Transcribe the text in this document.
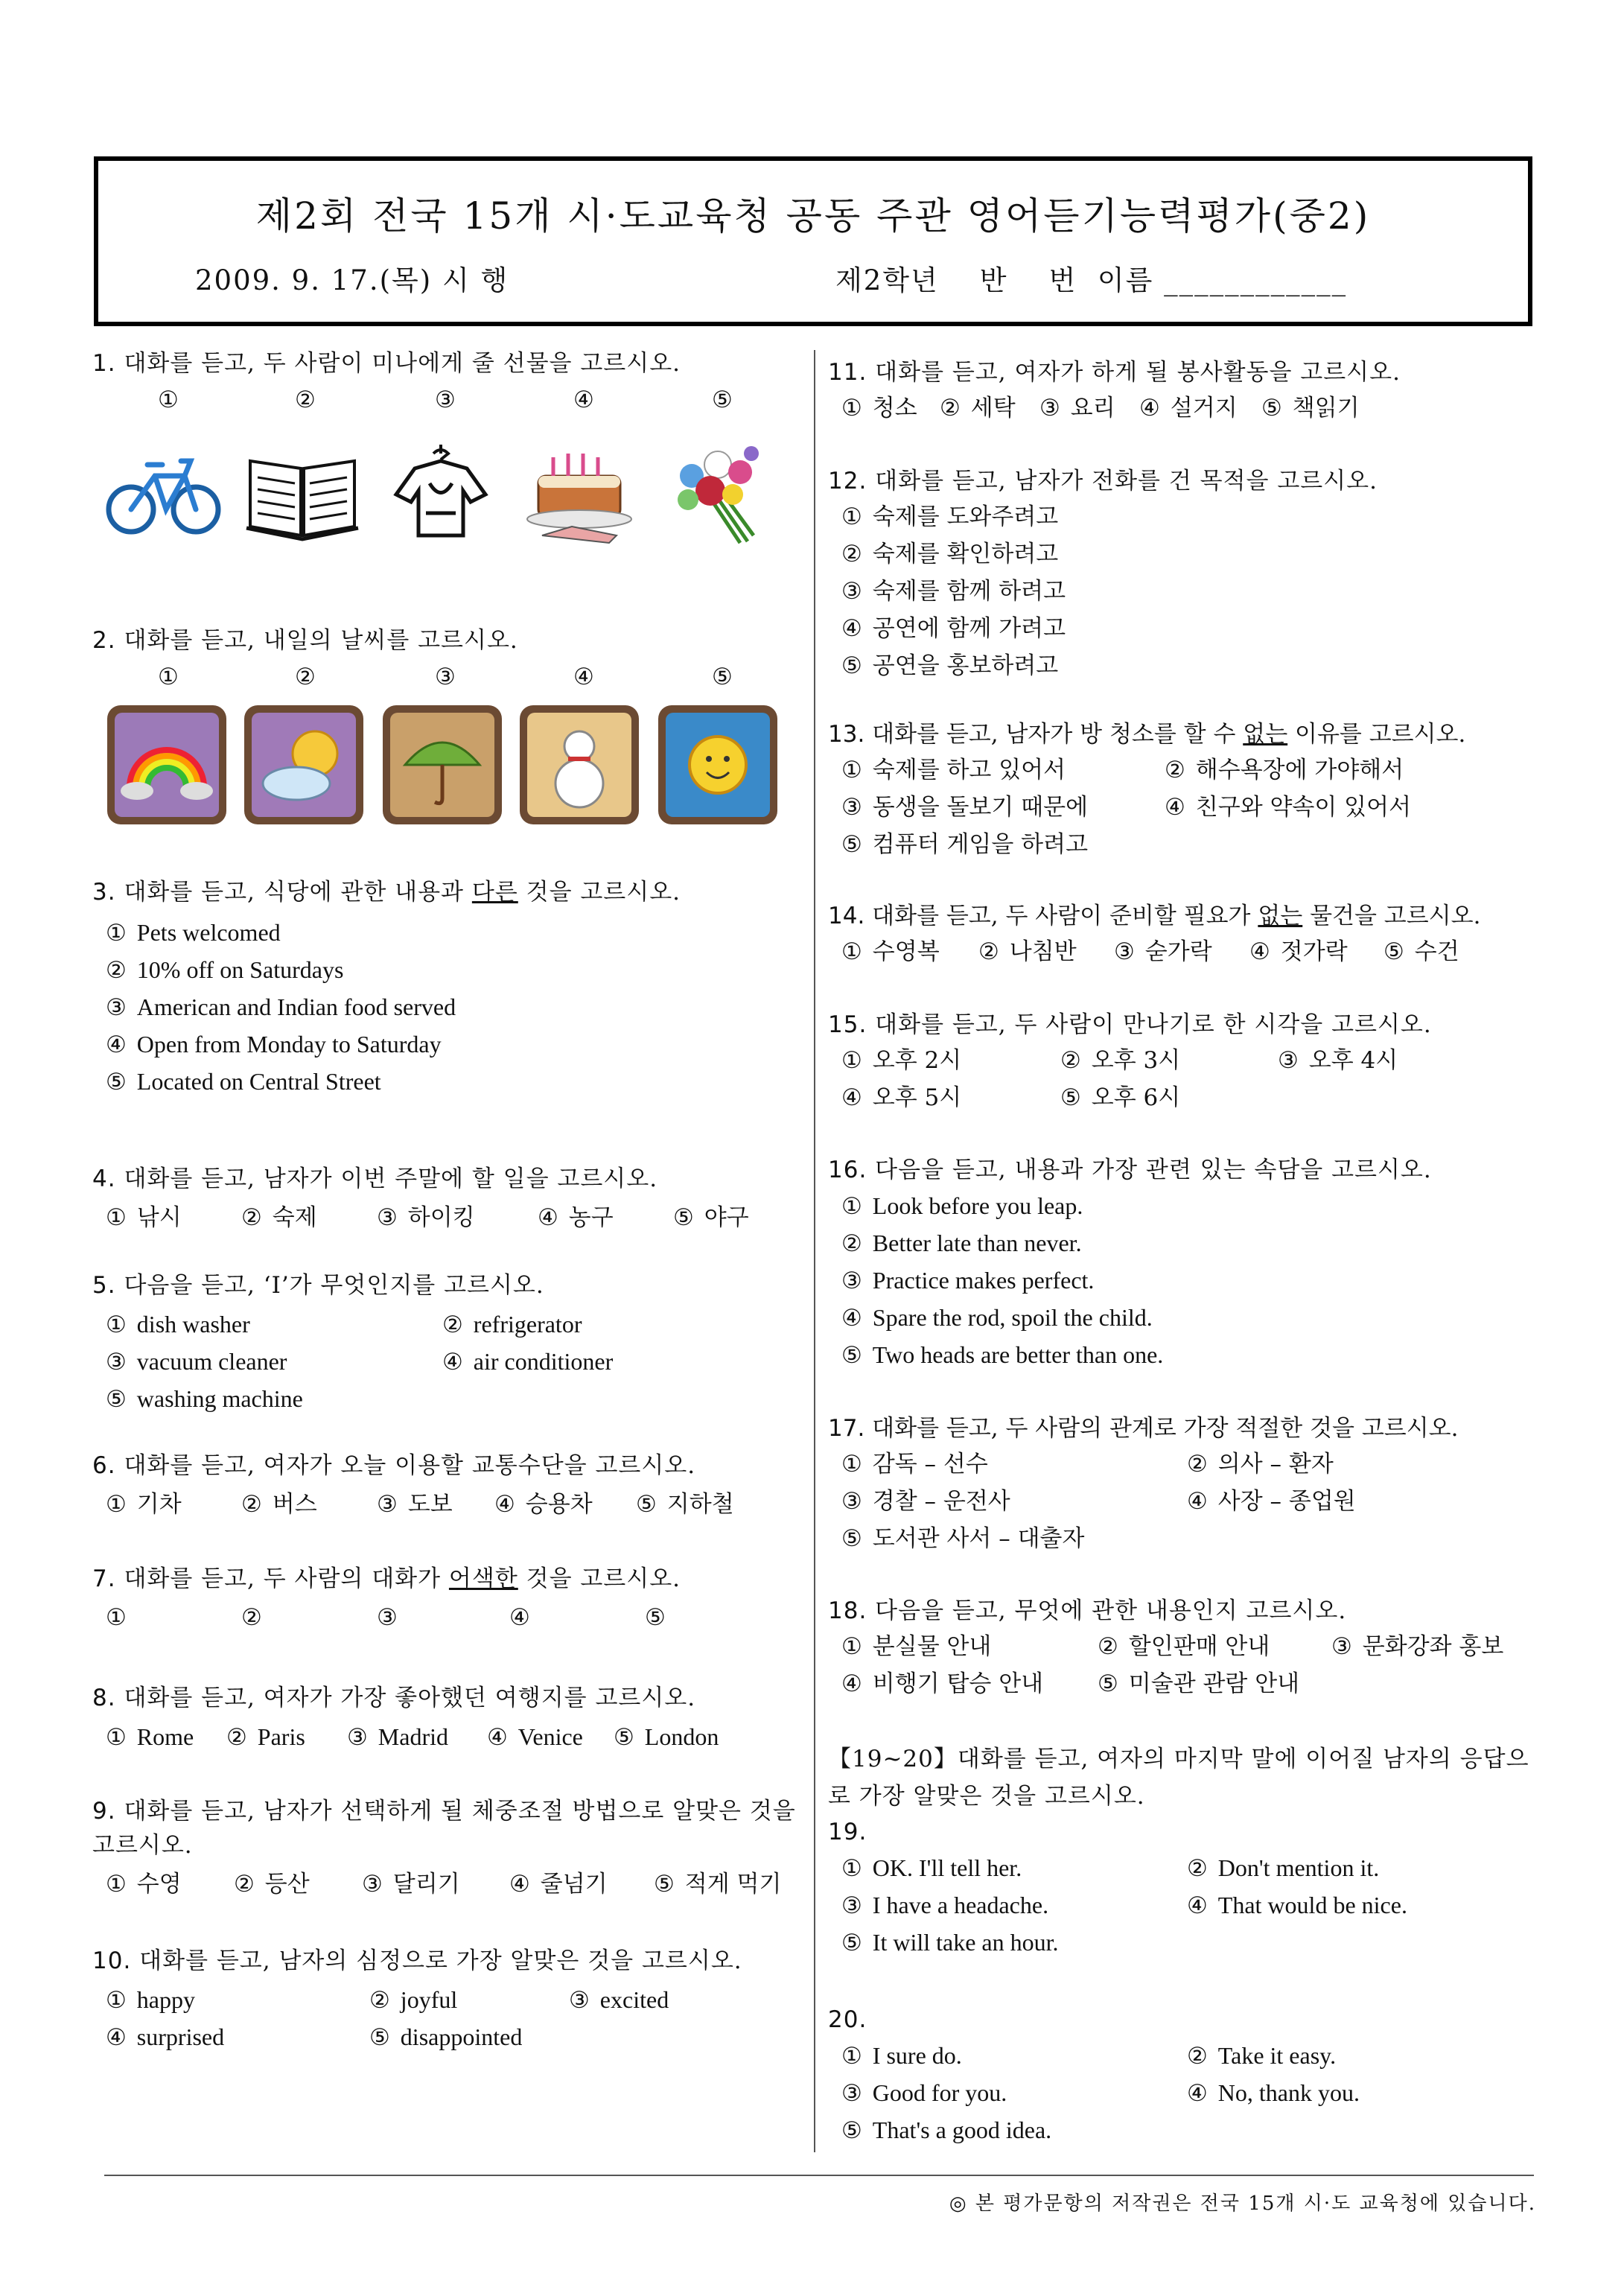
제2회 전국 15개 시·도교육청 공동 주관 영어듣기능력평가(중2)
2009. 9. 17.(목) 시 행	제2학년    반    번  이름 ____________
1. 대화를 듣고, 두 사람이 미나에게 줄 선물을 고르시오.
①	②	③	④	⑤
2. 대화를 듣고, 내일의 날씨를 고르시오.
①	②	③	④	⑤
3. 대화를 듣고, 식당에 관한 내용과 다른 것을 고르시오.
① Pets welcomed
② 10% off on Saturdays
③ American and Indian food served
④ Open from Monday to Saturday
⑤ Located on Central Street
4. 대화를 듣고, 남자가 이번 주말에 할 일을 고르시오.
① 낚시	② 숙제	③ 하이킹	④ 농구	⑤ 야구
5. 다음을 듣고, ‘I’가 무엇인지를 고르시오.
① dish washer	② refrigerator
③ vacuum cleaner	④ air conditioner
⑤ washing machine
6. 대화를 듣고, 여자가 오늘 이용할 교통수단을 고르시오.
① 기차	② 버스	③ 도보 ④ 승용차 ⑤ 지하철
7. 대화를 듣고, 두 사람의 대화가 어색한 것을 고르시오.
①	②	③	④	⑤
8. 대화를 듣고, 여자가 가장 좋아했던 여행지를 고르시오.
① Rome ② Paris ③ Madrid ④ Venice ⑤ London
9. 대화를 듣고, 남자가 선택하게 될 체중조절 방법으로 알맞은 것을 고르시오.
① 수영 ② 등산 ③ 달리기 ④ 줄넘기 ⑤ 적게 먹기
10. 대화를 듣고, 남자의 심정으로 가장 알맞은 것을 고르시오.
① happy	② joyful	③ excited
④ surprised	⑤ disappointed
11. 대화를 듣고, 여자가 하게 될 봉사활동을 고르시오.
① 청소 ② 세탁 ③ 요리 ④ 설거지 ⑤ 책읽기
12. 대화를 듣고, 남자가 전화를 건 목적을 고르시오.
① 숙제를 도와주려고
② 숙제를 확인하려고
③ 숙제를 함께 하려고
④ 공연에 함께 가려고
⑤ 공연을 홍보하려고
13. 대화를 듣고, 남자가 방 청소를 할 수 없는 이유를 고르시오.
① 숙제를 하고 있어서	② 해수욕장에 가야해서
③ 동생을 돌보기 때문에	④ 친구와 약속이 있어서
⑤ 컴퓨터 게임을 하려고
14. 대화를 듣고, 두 사람이 준비할 필요가 없는 물건을 고르시오.
① 수영복 ② 나침반 ③ 숟가락 ④ 젓가락 ⑤ 수건
15. 대화를 듣고, 두 사람이 만나기로 한 시각을 고르시오.
① 오후 2시	② 오후 3시	③ 오후 4시
④ 오후 5시	⑤ 오후 6시
16. 다음을 듣고, 내용과 가장 관련 있는 속담을 고르시오.
① Look before you leap.
② Better late than never.
③ Practice makes perfect.
④ Spare the rod, spoil the child.
⑤ Two heads are better than one.
17. 대화를 듣고, 두 사람의 관계로 가장 적절한 것을 고르시오.
① 감독 – 선수	② 의사 – 환자
③ 경찰 – 운전사	④ 사장 – 종업원
⑤ 도서관 사서 – 대출자
18. 다음을 듣고, 무엇에 관한 내용인지 고르시오.
① 분실물 안내	② 할인판매 안내	③ 문화강좌 홍보
④ 비행기 탑승 안내 ⑤ 미술관 관람 안내
【19~20】대화를 듣고, 여자의 마지막 말에 이어질 남자의 응답으로 가장 알맞은 것을 고르시오.
19.
① OK. I'll tell her.	② Don't mention it.
③ I have a headache.	④ That would be nice.
⑤ It will take an hour.
20.
① I sure do.	② Take it easy.
③ Good for you.	④ No, thank you.
⑤ That's a good idea.
◎ 본 평가문항의 저작권은 전국 15개 시·도 교육청에 있습니다.
